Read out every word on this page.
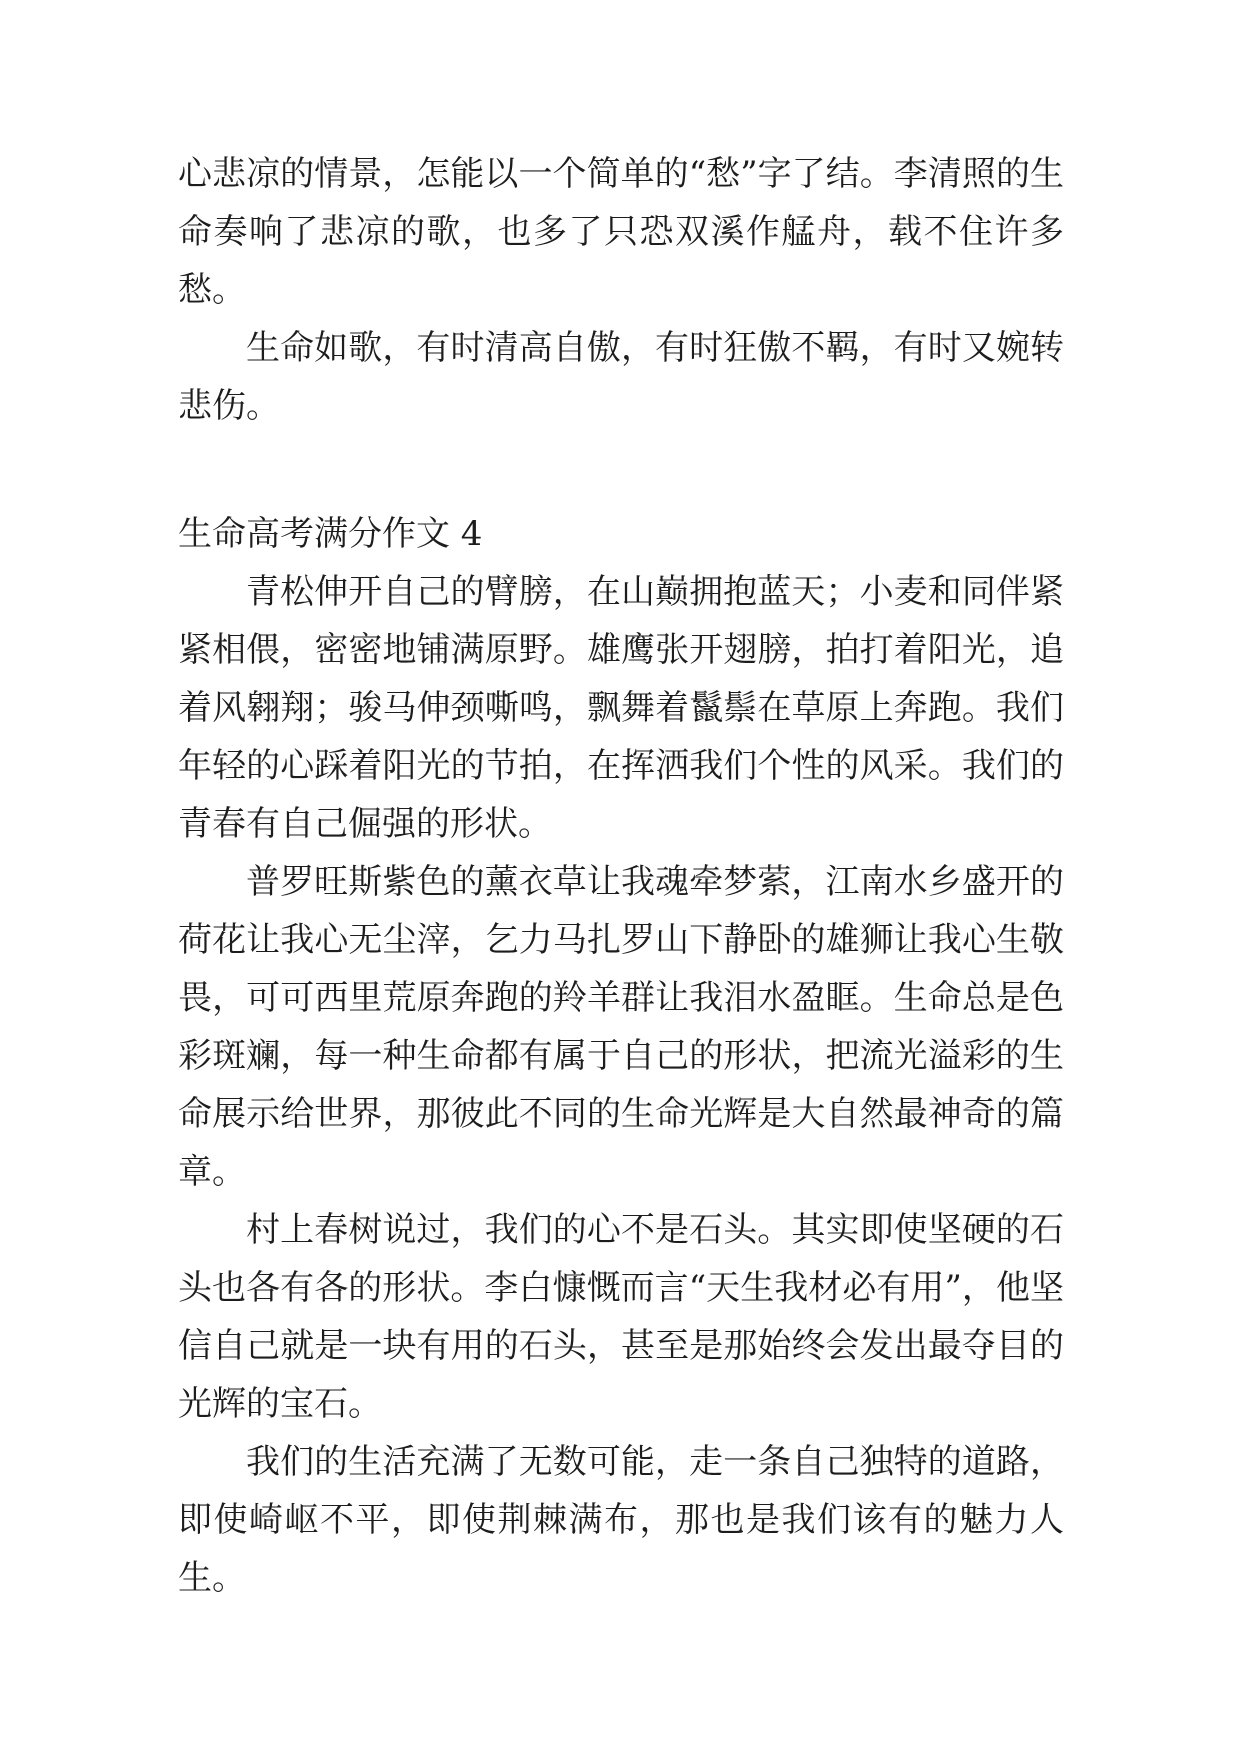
心悲凉的情景，怎能以一个简单的“愁”字了结。李清照的生命奏响了悲凉的歌，也多了只恐双溪作艋舟，载不住许多愁。

生命如歌，有时清高自傲，有时狂傲不羁，有时又婉转悲伤。

生命高考满分作文 4

青松伸开自己的臂膀，在山巅拥抱蓝天；小麦和同伴紧紧相偎，密密地铺满原野。雄鹰张开翅膀，拍打着阳光，追着风翱翔；骏马伸颈嘶鸣，飘舞着鬣鬃在草原上奔跑。我们年轻的心踩着阳光的节拍，在挥洒我们个性的风采。我们的青春有自己倔强的形状。

普罗旺斯紫色的薰衣草让我魂牵梦萦，江南水乡盛开的荷花让我心无尘滓，乞力马扎罗山下静卧的雄狮让我心生敬畏，可可西里荒原奔跑的羚羊群让我泪水盈眶。生命总是色彩斑斓，每一种生命都有属于自己的形状，把流光溢彩的生命展示给世界，那彼此不同的生命光辉是大自然最神奇的篇章。

村上春树说过，我们的心不是石头。其实即使坚硬的石头也各有各的形状。李白慷慨而言“天生我材必有用”，他坚信自己就是一块有用的石头，甚至是那始终会发出最夺目的光辉的宝石。

我们的生活充满了无数可能，走一条自己独特的道路，即使崎岖不平，即使荆棘满布，那也是我们该有的魅力人生。
